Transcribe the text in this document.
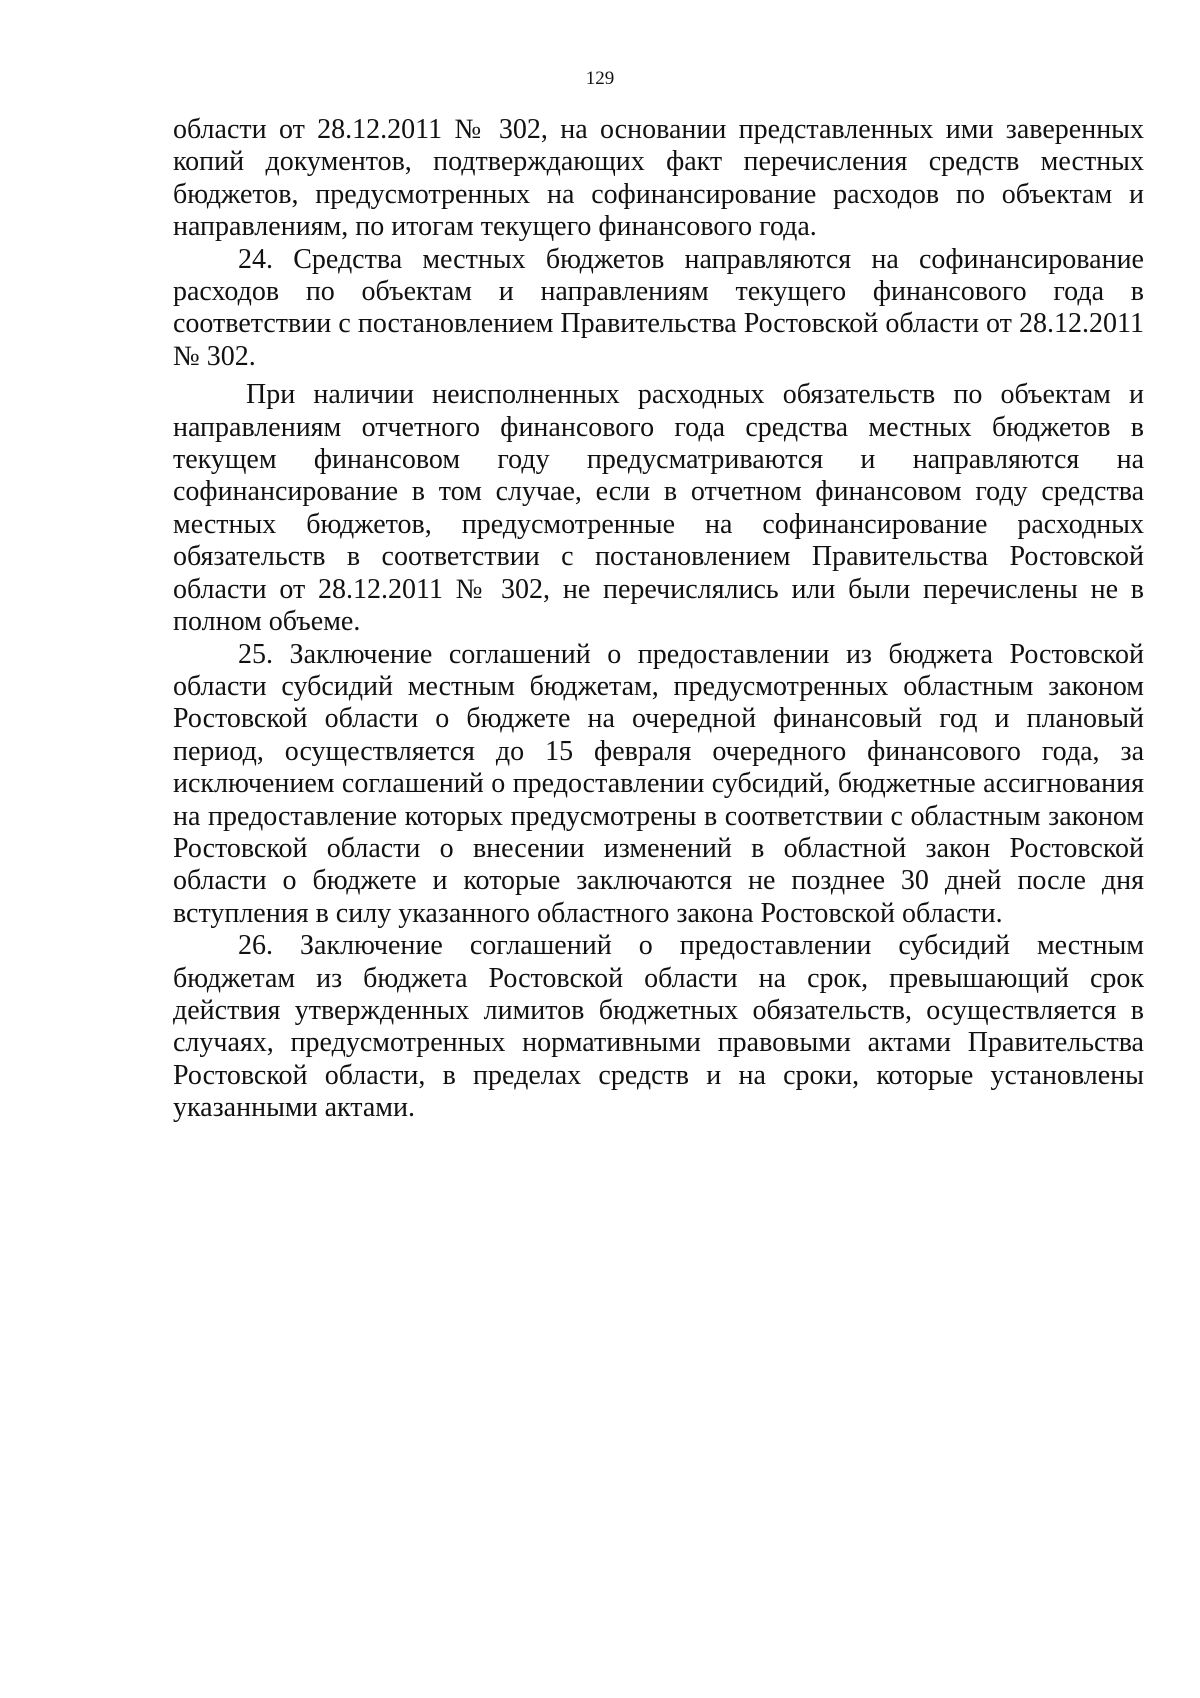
129

области от 28.12.2011 № 302, на основании представленных ими заверенных копий документов, подтверждающих факт перечисления средств местных бюджетов, предусмотренных на софинансирование расходов по объектам и направлениям, по итогам текущего финансового года.

24. Средства местных бюджетов направляются на софинансирование расходов по объектам и направлениям текущего финансового года в соответствии с постановлением Правительства Ростовской области от 28.12.2011 № 302.

При наличии неисполненных расходных обязательств по объектам и направлениям отчетного финансового года средства местных бюджетов в текущем финансовом году предусматриваются и направляются на софинансирование в том случае, если в отчетном финансовом году средства местных бюджетов, предусмотренные на софинансирование расходных обязательств в соответствии с постановлением Правительства Ростовской области от 28.12.2011 № 302, не перечислялись или были перечислены не в полном объеме.

25. Заключение соглашений о предоставлении из бюджета Ростовской области субсидий местным бюджетам, предусмотренных областным законом Ростовской области о бюджете на очередной финансовый год и плановый период, осуществляется до 15 февраля очередного финансового года, за исключением соглашений о предоставлении субсидий, бюджетные ассигнования на предоставление которых предусмотрены в соответствии с областным законом Ростовской области о внесении изменений в областной закон Ростовской области о бюджете и которые заключаются не позднее 30 дней после дня вступления в силу указанного областного закона Ростовской области.

26. Заключение соглашений о предоставлении субсидий местным бюджетам из бюджета Ростовской области на срок, превышающий срок действия утвержденных лимитов бюджетных обязательств, осуществляется в случаях, предусмотренных нормативными правовыми актами Правительства Ростовской области, в пределах средств и на сроки, которые установлены указанными актами.
